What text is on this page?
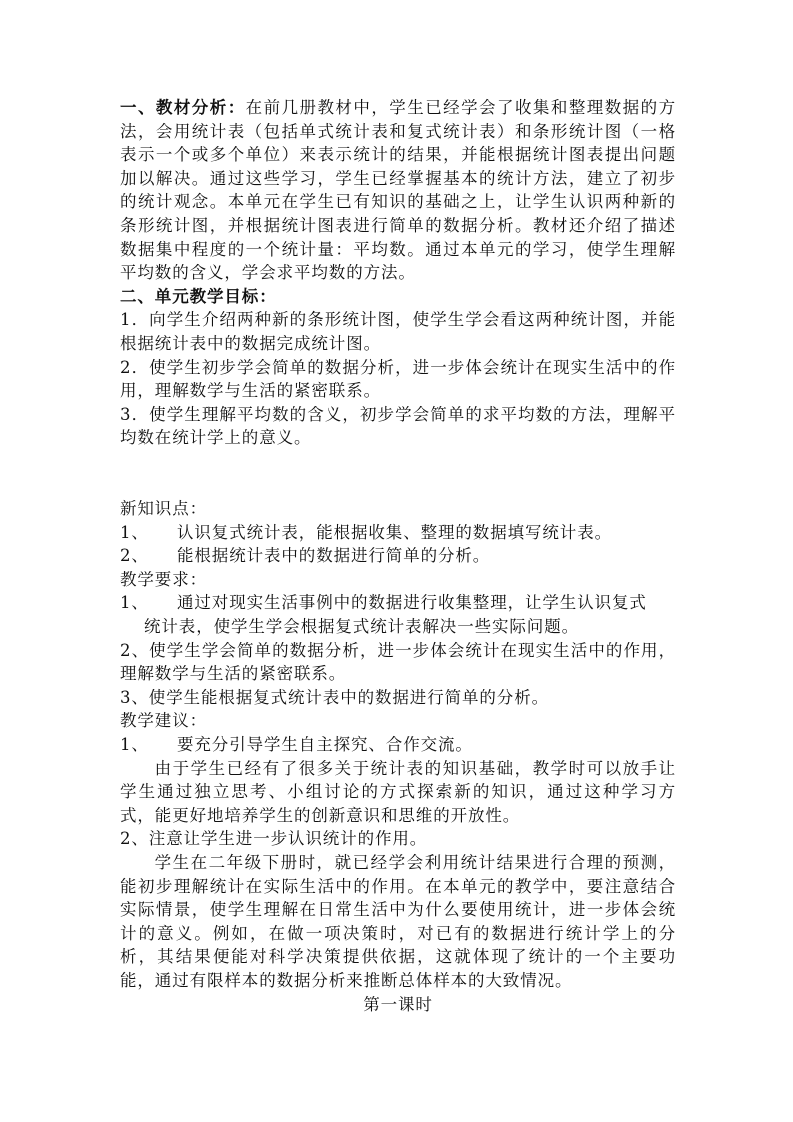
一、教材分析：在前几册教材中，学生已经学会了收集和整理数据的方法，会用统计表（包括单式统计表和复式统计表）和条形统计图（一格表示一个或多个单位）来表示统计的结果，并能根据统计图表提出问题加以解决。通过这些学习，学生已经掌握基本的统计方法，建立了初步的统计观念。本单元在学生已有知识的基础之上，让学生认识两种新的条形统计图，并根据统计图表进行简单的数据分析。教材还介绍了描述数据集中程度的一个统计量：平均数。通过本单元的学习，使学生理解平均数的含义，学会求平均数的方法。

二、单元教学目标：

1．向学生介绍两种新的条形统计图，使学生学会看这两种统计图，并能根据统计表中的数据完成统计图。

2．使学生初步学会简单的数据分析，进一步体会统计在现实生活中的作用，理解数学与生活的紧密联系。

3．使学生理解平均数的含义，初步学会简单的求平均数的方法，理解平均数在统计学上的意义。

新知识点：

1、	认识复式统计表，能根据收集、整理的数据填写统计表。

2、	能根据统计表中的数据进行简单的分析。

教学要求：

1、	通过对现实生活事例中的数据进行收集整理，让学生认识复式

统计表，使学生学会根据复式统计表解决一些实际问题。

2、使学生学会简单的数据分析，进一步体会统计在现实生活中的作用，理解数学与生活的紧密联系。

3、使学生能根据复式统计表中的数据进行简单的分析。

教学建议：

1、	要充分引导学生自主探究、合作交流。

由于学生已经有了很多关于统计表的知识基础，教学时可以放手让学生通过独立思考、小组讨论的方式探索新的知识，通过这种学习方式，能更好地培养学生的创新意识和思维的开放性。

2、注意让学生进一步认识统计的作用。

学生在二年级下册时，就已经学会利用统计结果进行合理的预测，能初步理解统计在实际生活中的作用。在本单元的教学中，要注意结合实际情景，使学生理解在日常生活中为什么要使用统计，进一步体会统计的意义。例如，在做一项决策时，对已有的数据进行统计学上的分析，其结果便能对科学决策提供依据，这就体现了统计的一个主要功能，通过有限样本的数据分析来推断总体样本的大致情况。

第一课时
